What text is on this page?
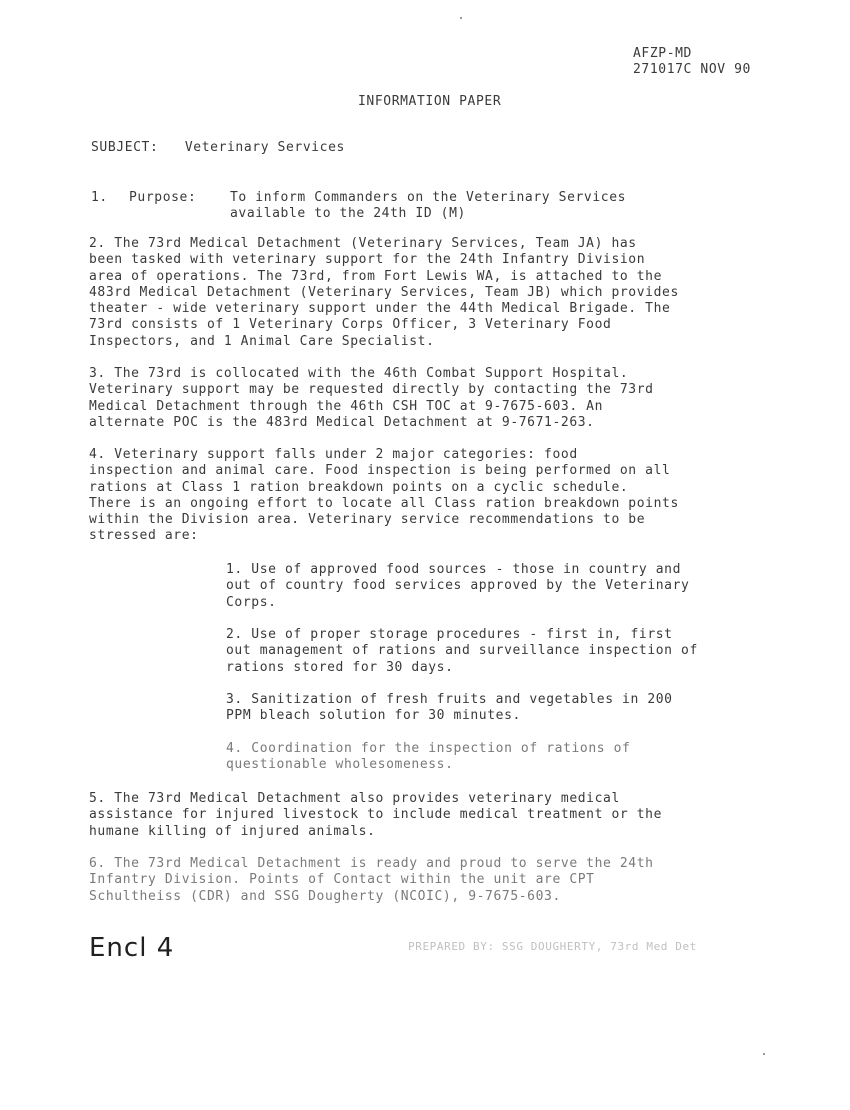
AFZP-MD
271017C NOV 90
INFORMATION PAPER
SUBJECT: Veterinary Services
1. Purpose:	To inform Commanders on the Veterinary Services
available to the 24th ID (M)
2. The 73rd Medical Detachment (Veterinary Services, Team JA) has
been tasked with veterinary support for the 24th Infantry Division
area of operations. The 73rd, from Fort Lewis WA, is attached to the
483rd Medical Detachment (Veterinary Services, Team JB) which provides
theater - wide veterinary support under the 44th Medical Brigade. The
73rd consists of 1 Veterinary Corps Officer, 3 Veterinary Food
Inspectors, and 1 Animal Care Specialist.
3. The 73rd is collocated with the 46th Combat Support Hospital.
Veterinary support may be requested directly by contacting the 73rd
Medical Detachment through the 46th CSH TOC at 9-7675-603. An
alternate POC is the 483rd Medical Detachment at 9-7671-263.
4. Veterinary support falls under 2 major categories: food
inspection and animal care. Food inspection is being performed on all
rations at Class 1 ration breakdown points on a cyclic schedule.
There is an ongoing effort to locate all Class ration breakdown points
within the Division area. Veterinary service recommendations to be
stressed are:
1. Use of approved food sources - those in country and
out of country food services approved by the Veterinary
Corps.
2. Use of proper storage procedures - first in, first
out management of rations and surveillance inspection of
rations stored for 30 days.
3. Sanitization of fresh fruits and vegetables in 200
PPM bleach solution for 30 minutes.
4. Coordination for the inspection of rations of
questionable wholesomeness.
5. The 73rd Medical Detachment also provides veterinary medical
assistance for injured livestock to include medical treatment or the
humane killing of injured animals.
6. The 73rd Medical Detachment is ready and proud to serve the 24th
Infantry Division. Points of Contact within the unit are CPT
Schultheiss (CDR) and SSG Dougherty (NCOIC), 9-7675-603.
Encl 4	PREPARED BY: SSG DOUGHERTY, 73rd Med Det
